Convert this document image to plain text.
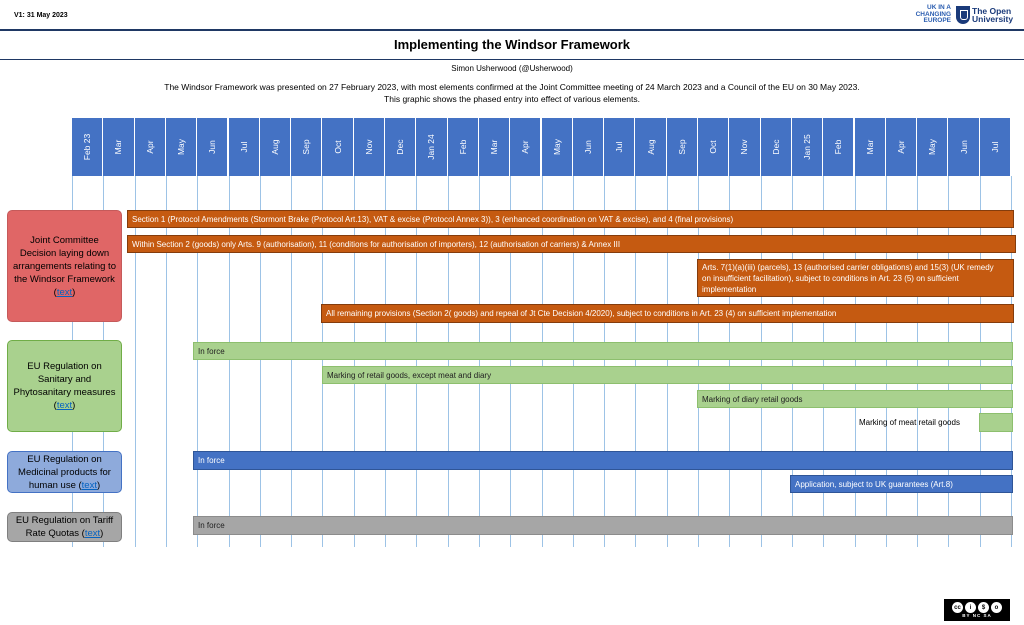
V1: 31 May 2023
UK IN A CHANGING EUROPE
The Open University
Implementing the Windsor Framework
Simon Usherwood (@Usherwood)
The Windsor Framework was presented on 27 February 2023, with most elements confirmed at the Joint Committee meeting of 24 March 2023 and a Council of the EU on 30 May 2023.
This graphic shows the phased entry into effect of various elements.
Feb 23	Mar	Apr	May	Jun	Jul	Aug	Sep	Oct	Nov	Dec	Jan 24	Feb	Mar	Apr	May	Jun	Jul	Aug	Sep	Oct	Nov	Dec	Jan 25	Feb	Mar	Apr	May	Jun	Jul
Joint Committee Decision laying down arrangements relating to the Windsor Framework (text)
EU Regulation on Sanitary and Phytosanitary measures (text)
EU Regulation on Medicinal products for human use (text)
EU Regulation on Tariff Rate Quotas (text)
Section 1 (Protocol Amendments (Stormont Brake (Protocol Art.13), VAT & excise (Protocol Annex 3)), 3 (enhanced coordination on VAT & excise), and 4 (final provisions)
Within Section 2 (goods) only Arts. 9 (authorisation), 11 (conditions for authorisation of importers), 12 (authorisation of carriers) & Annex III
Arts. 7(1)(a)(iii) (parcels), 13 (authorised carrier obligations) and 15(3) (UK remedy on insufficient facilitation), subject to conditions in Art. 23 (5) on sufficient implementation
All remaining provisions (Section 2( goods) and repeal of Jt Cte Decision 4/2020), subject to conditions in Art. 23 (4) on sufficient implementation
In force
Marking of retail goods, except meat and diary
Marking of diary retail goods
Marking of meat retail goods
In force
Application, subject to UK guarantees (Art.8)
In force
cc	i	$	o
BY NC SA
